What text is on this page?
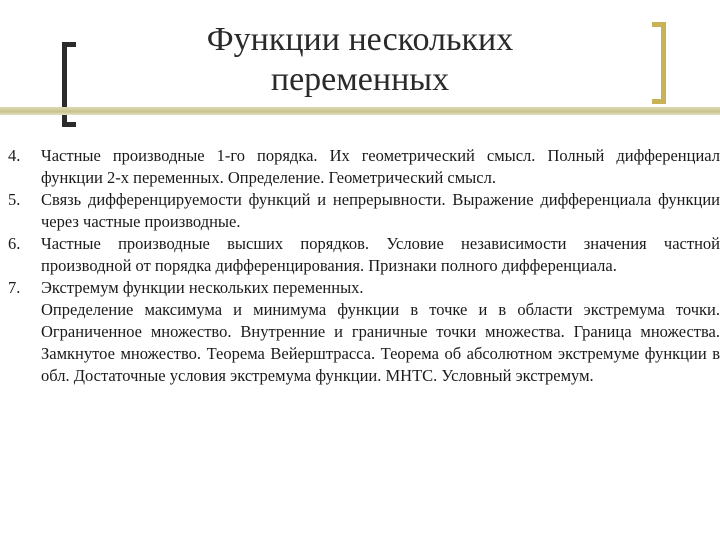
Функции нескольких
переменных
4.	Частные производные 1-го порядка. Их геометрический смысл. Полный дифференциал функции 2-х переменных. Определение. Геометрический смысл.

5.	Связь дифференцируемости функций и непрерывности. Выражение дифференциала функции через частные производные.

6.	Частные производные высших порядков. Условие независимости значения частной производной от порядка дифференцирования. Признаки полного дифференциала.

7.	Экстремум функции нескольких переменных.

Определение максимума и минимума функции в точке и в области экстремума точки. Ограниченное множество. Внутренние и граничные точки множества. Граница множества. Замкнутое множество. Теорема Вейерштрасса. Теорема об абсолютном экстремуме функции в обл. Достаточные условия экстремума функции. МНТС. Условный экстремум.
